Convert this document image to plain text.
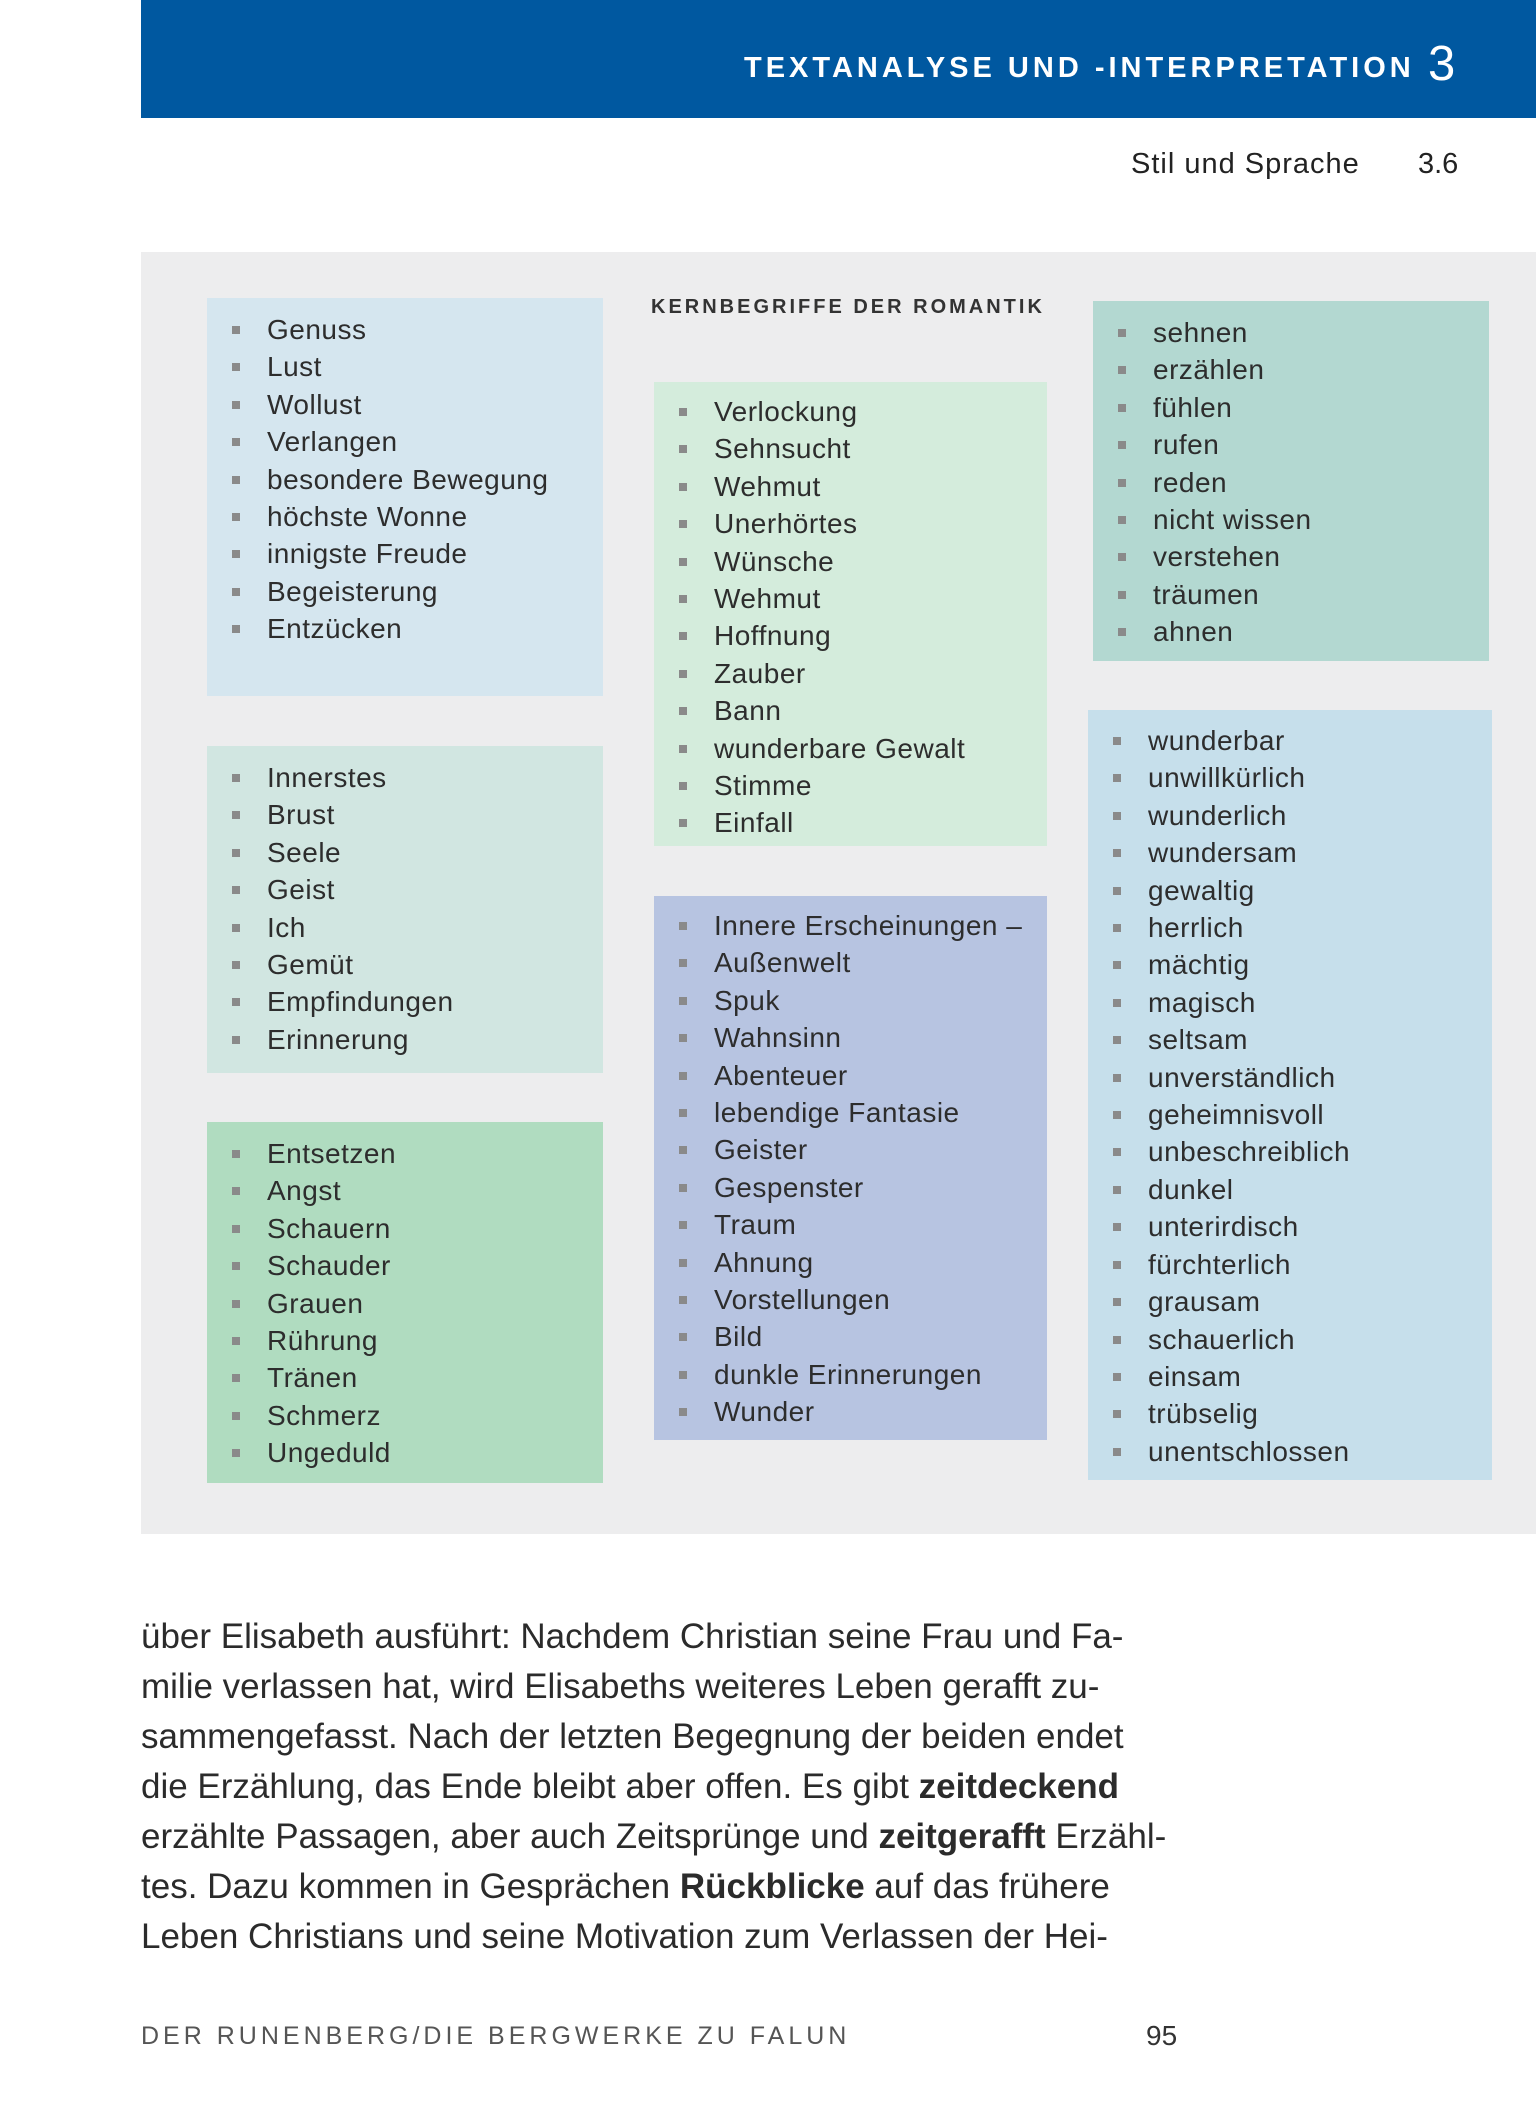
TEXTANALYSE UND -INTERPRETATION 3
Stil und Sprache 3.6
KERNBEGRIFFE DER ROMANTIK
Genuss
Lust
Wollust
Verlangen
besondere Bewegung
höchste Wonne
innigste Freude
Begeisterung
Entzücken
Innerstes
Brust
Seele
Geist
Ich
Gemüt
Empfindungen
Erinnerung
Entsetzen
Angst
Schauern
Schauder
Grauen
Rührung
Tränen
Schmerz
Ungeduld
Verlockung
Sehnsucht
Wehmut
Unerhörtes
Wünsche
Wehmut
Hoffnung
Zauber
Bann
wunderbare Gewalt
Stimme
Einfall
Innere Erscheinungen –
Außenwelt
Spuk
Wahnsinn
Abenteuer
lebendige Fantasie
Geister
Gespenster
Traum
Ahnung
Vorstellungen
Bild
dunkle Erinnerungen
Wunder
sehnen
erzählen
fühlen
rufen
reden
nicht wissen
verstehen
träumen
ahnen
wunderbar
unwillkürlich
wunderlich
wundersam
gewaltig
herrlich
mächtig
magisch
seltsam
unverständlich
geheimnisvoll
unbeschreiblich
dunkel
unterirdisch
fürchterlich
grausam
schauerlich
einsam
trübselig
unentschlossen

über Elisabeth ausführt: Nachdem Christian seine Frau und Fa-

milie verlassen hat, wird Elisabeths weiteres Leben gerafft zu-

sammengefasst. Nach der letzten Begegnung der beiden endet

die Erzählung, das Ende bleibt aber offen. Es gibt zeitdeckend

erzählte Passagen, aber auch Zeitsprünge und zeitgerafft Erzähl-

tes. Dazu kommen in Gesprächen Rückblicke auf das frühere

Leben Christians und seine Motivation zum Verlassen der Hei-

DER RUNENBERG/DIE BERGWERKE ZU FALUN	95
